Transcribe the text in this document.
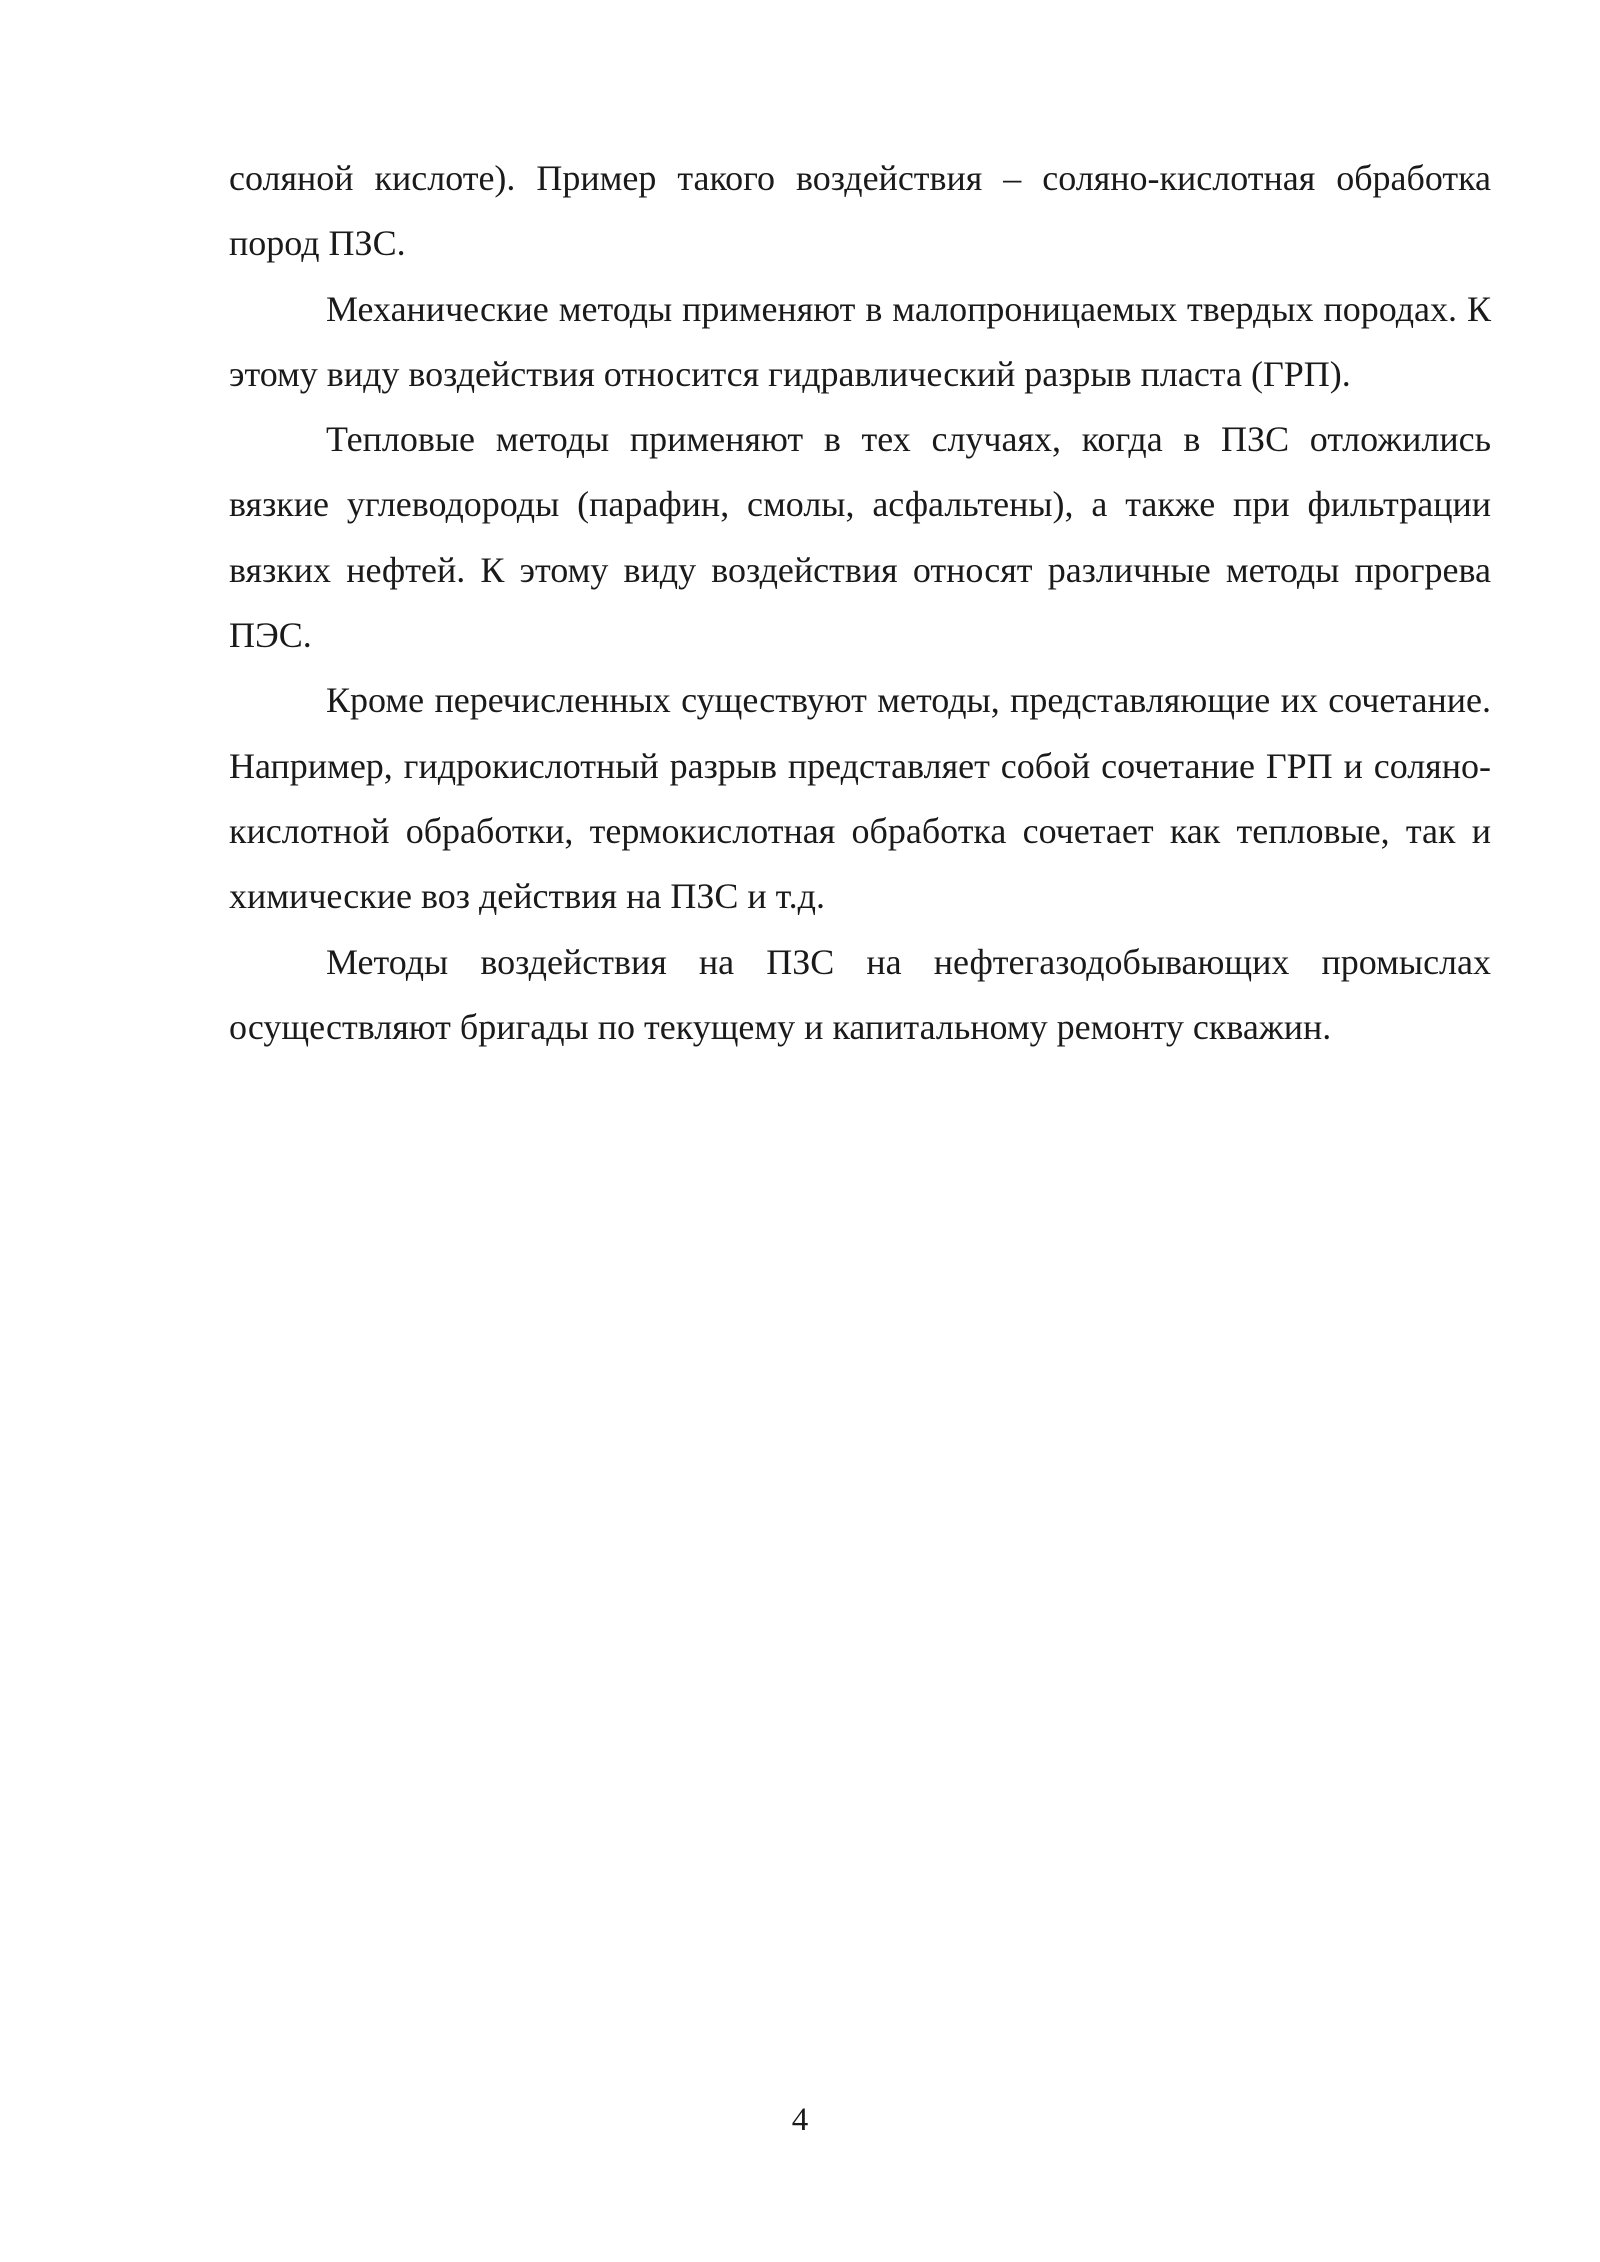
соляной кислоте). Пример такого воздействия – соляно-кислотная обработка пород ПЗС.

Механические методы применяют в малопроницаемых твердых породах. К этому виду воздействия относится гидравлический разрыв пласта (ГРП).

Тепловые методы применяют в тех случаях, когда в ПЗС отложились вязкие углеводороды (парафин, смолы, асфальтены), а также при фильтрации вязких нефтей. К этому виду воздействия относят различные методы прогрева ПЭС.

Кроме перечисленных существуют методы, представляющие их сочетание. Например, гидрокислотный разрыв представляет собой сочетание ГРП и соляно-кислотной обработки, термокислотная обработка сочетает как тепловые, так и химические воз действия на ПЗС и т.д.

Методы воздействия на ПЗС на нефтегазодобывающих промыслах осуществляют бригады по текущему и капитальному ремонту скважин.

4
